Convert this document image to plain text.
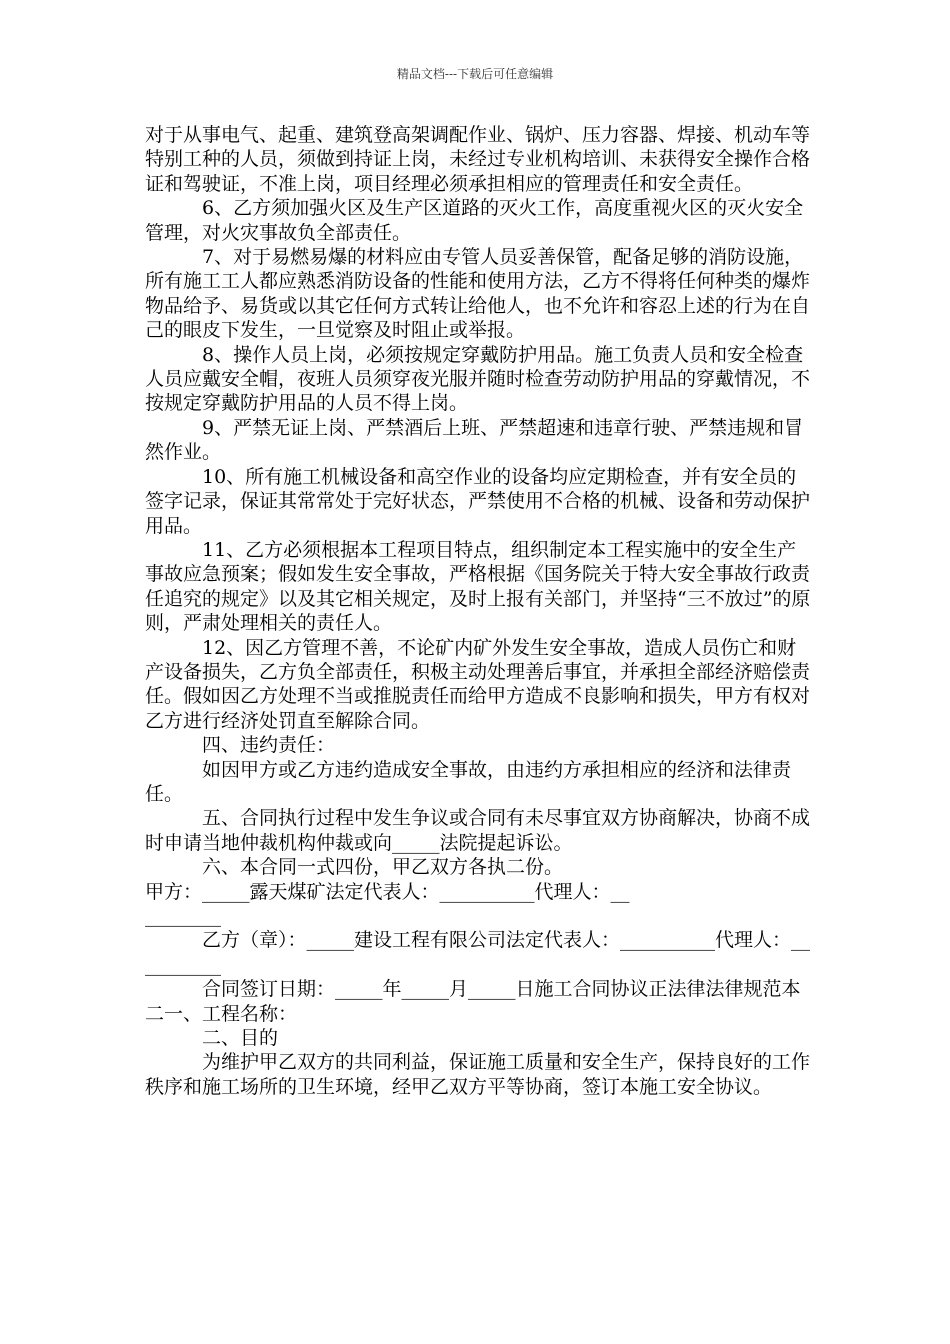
精品文档---下载后可任意编辑

对于从事电气、起重、建筑登高架调配作业、锅炉、压力容器、焊接、机动车等特别工种的人员，须做到持证上岗，未经过专业机构培训、未获得安全操作合格证和驾驶证，不准上岗，项目经理必须承担相应的管理责任和安全责任。

6、乙方须加强火区及生产区道路的灭火工作，高度重视火区的灭火安全管理，对火灾事故负全部责任。

7、对于易燃易爆的材料应由专管人员妥善保管，配备足够的消防设施，所有施工工人都应熟悉消防设备的性能和使用方法，乙方不得将任何种类的爆炸物品给予、易货或以其它任何方式转让给他人，也不允许和容忍上述的行为在自己的眼皮下发生，一旦觉察及时阻止或举报。

8、操作人员上岗，必须按规定穿戴防护用品。施工负责人员和安全检查人员应戴安全帽，夜班人员须穿夜光服并随时检查劳动防护用品的穿戴情况，不按规定穿戴防护用品的人员不得上岗。

9、严禁无证上岗、严禁酒后上班、严禁超速和违章行驶、严禁违规和冒然作业。

10、所有施工机械设备和高空作业的设备均应定期检查，并有安全员的签字记录，保证其常常处于完好状态，严禁使用不合格的机械、设备和劳动保护用品。

11、乙方必须根据本工程项目特点，组织制定本工程实施中的安全生产事故应急预案；假如发生安全事故，严格根据《国务院关于特大安全事故行政责任追究的规定》以及其它相关规定，及时上报有关部门，并坚持“三不放过”的原则，严肃处理相关的责任人。

12、因乙方管理不善，不论矿内矿外发生安全事故，造成人员伤亡和财产设备损失，乙方负全部责任，积极主动处理善后事宜，并承担全部经济赔偿责任。假如因乙方处理不当或推脱责任而给甲方造成不良影响和损失，甲方有权对乙方进行经济处罚直至解除合同。

四、违约责任：

如因甲方或乙方违约造成安全事故，由违约方承担相应的经济和法律责任。

五、合同执行过程中发生争议或合同有未尽事宜双方协商解决，协商不成时申请当地仲裁机构仲裁或向_____法院提起诉讼。

六、本合同一式四份，甲乙双方各执二份。

甲方：_____露天煤矿法定代表人：__________代理人：__________

乙方（章）：_____建设工程有限公司法定代表人：__________代理人：__________

合同签订日期：_____年_____月_____日施工合同协议正法律法律规范本二一、工程名称：

二、目的

为维护甲乙双方的共同利益，保证施工质量和安全生产，保持良好的工作秩序和施工场所的卫生环境，经甲乙双方平等协商，签订本施工安全协议。
